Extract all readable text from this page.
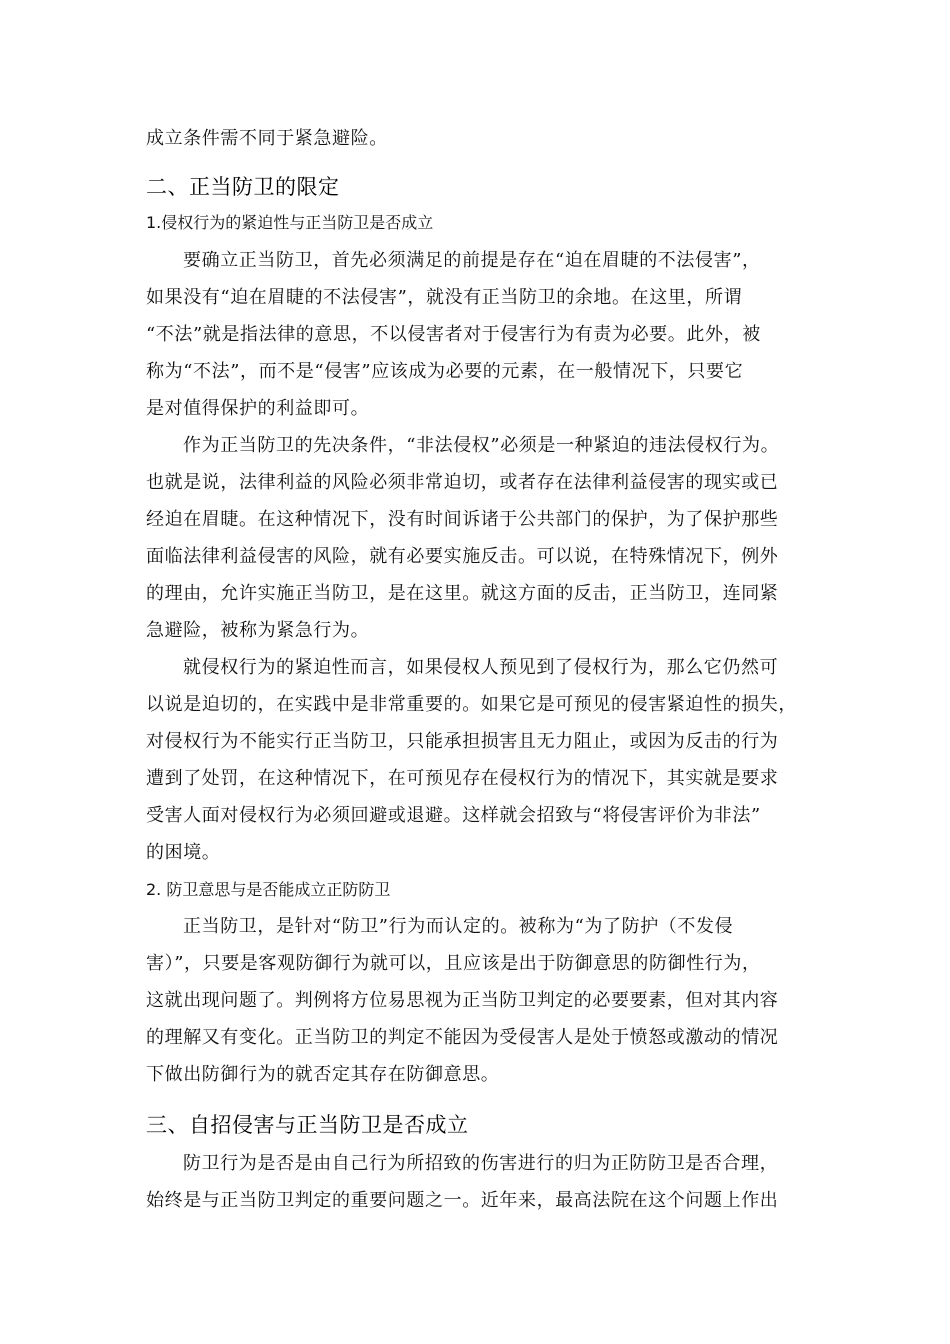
成立条件需不同于紧急避险。
二、正当防卫的限定
1.侵权行为的紧迫性与正当防卫是否成立
要确立正当防卫，首先必须满足的前提是存在“迫在眉睫的不法侵害”，
如果没有“迫在眉睫的不法侵害”，就没有正当防卫的余地。在这里，所谓
“不法”就是指法律的意思，不以侵害者对于侵害行为有责为必要。此外，被
称为“不法”，而不是“侵害”应该成为必要的元素，在一般情况下，只要它
是对值得保护的利益即可。
作为正当防卫的先决条件，“非法侵权”必须是一种紧迫的违法侵权行为。
也就是说，法律利益的风险必须非常迫切，或者存在法律利益侵害的现实或已
经迫在眉睫。在这种情况下，没有时间诉诸于公共部门的保护，为了保护那些
面临法律利益侵害的风险，就有必要实施反击。可以说，在特殊情况下，例外
的理由，允许实施正当防卫，是在这里。就这方面的反击，正当防卫，连同紧
急避险，被称为紧急行为。
就侵权行为的紧迫性而言，如果侵权人预见到了侵权行为，那么它仍然可
以说是迫切的，在实践中是非常重要的。如果它是可预见的侵害紧迫性的损失，
对侵权行为不能实行正当防卫，只能承担损害且无力阻止，或因为反击的行为
遭到了处罚，在这种情况下，在可预见存在侵权行为的情况下，其实就是要求
受害人面对侵权行为必须回避或退避。这样就会招致与“将侵害评价为非法”
的困境。
2. 防卫意思与是否能成立正防防卫
正当防卫，是针对“防卫”行为而认定的。被称为“为了防护（不发侵
害）”，只要是客观防御行为就可以，且应该是出于防御意思的防御性行为，
这就出现问题了。判例将方位易思视为正当防卫判定的必要要素，但对其内容
的理解又有变化。正当防卫的判定不能因为受侵害人是处于愤怒或激动的情况
下做出防御行为的就否定其存在防御意思。
三、自招侵害与正当防卫是否成立
防卫行为是否是由自己行为所招致的伤害进行的归为正防防卫是否合理，
始终是与正当防卫判定的重要问题之一。近年来，最高法院在这个问题上作出
